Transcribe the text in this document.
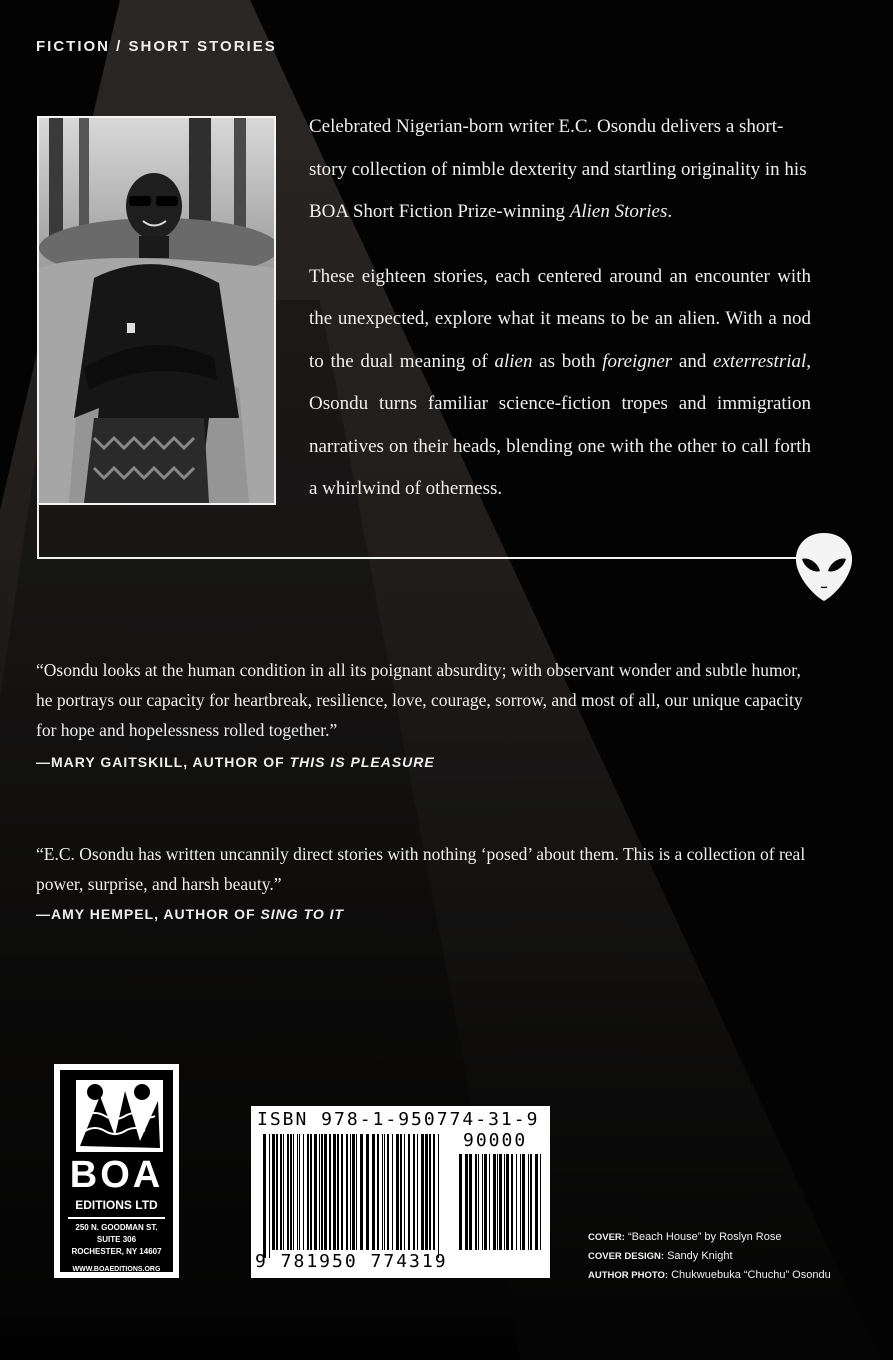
FICTION / SHORT STORIES

Celebrated Nigerian-born writer E.C. Osondu delivers a short-story collection of nimble dexterity and startling originality in his BOA Short Fiction Prize-winning Alien Stories.

These eighteen stories, each centered around an encounter with the unexpected, explore what it means to be an alien. With a nod to the dual meaning of alien as both foreigner and exterrestrial, Osondu turns familiar science-fiction tropes and immigration narratives on their heads, blending one with the other to call forth a whirlwind of otherness.

“Osondu looks at the human condition in all its poignant absurdity; with observant wonder and subtle humor, he portrays our capacity for heartbreak, resilience, love, courage, sorrow, and most of all, our unique capacity for hope and hopelessness rolled together.”

—MARY GAITSKILL, AUTHOR OF THIS IS PLEASURE

“E.C. Osondu has written uncannily direct stories with nothing ‘posed’ about them. This is a collection of real power, surprise, and harsh beauty.”

—AMY HEMPEL, AUTHOR OF SING TO IT
BOA
EDITIONS LTD
250 N. GOODMAN ST.
SUITE 306
ROCHESTER, NY 14607
WWW.BOAEDITIONS.ORG
ISBN 978-1-950774-31-9
90000
9 781950 774319
COVER: “Beach House” by Roslyn Rose
COVER DESIGN: Sandy Knight
AUTHOR PHOTO: Chukwuebuka “Chuchu” Osondu
